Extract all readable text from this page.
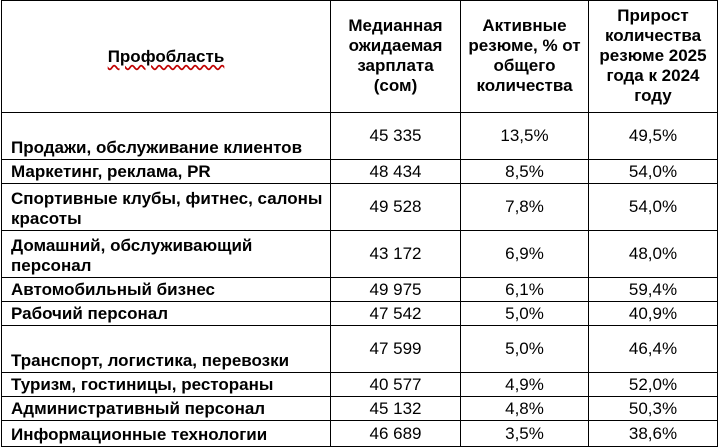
Профобласть	Медианная ожидаемая зарплата (сом)	Активные резюме, % от общего количества	Прирост количества резюме 2025 года к 2024 году
Продажи, обслуживание клиентов	45 335	13,5%	49,5%
Маркетинг, реклама, PR	48 434	8,5%	54,0%
Спортивные клубы, фитнес, салоны красоты	49 528	7,8%	54,0%
Домашний, обслуживающий персонал	43 172	6,9%	48,0%
Автомобильный бизнес	49 975	6,1%	59,4%
Рабочий персонал	47 542	5,0%	40,9%
Транспорт, логистика, перевозки	47 599	5,0%	46,4%
Туризм, гостиницы, рестораны	40 577	4,9%	52,0%
Административный персонал	45 132	4,8%	50,3%
Информационные технологии	46 689	3,5%	38,6%
